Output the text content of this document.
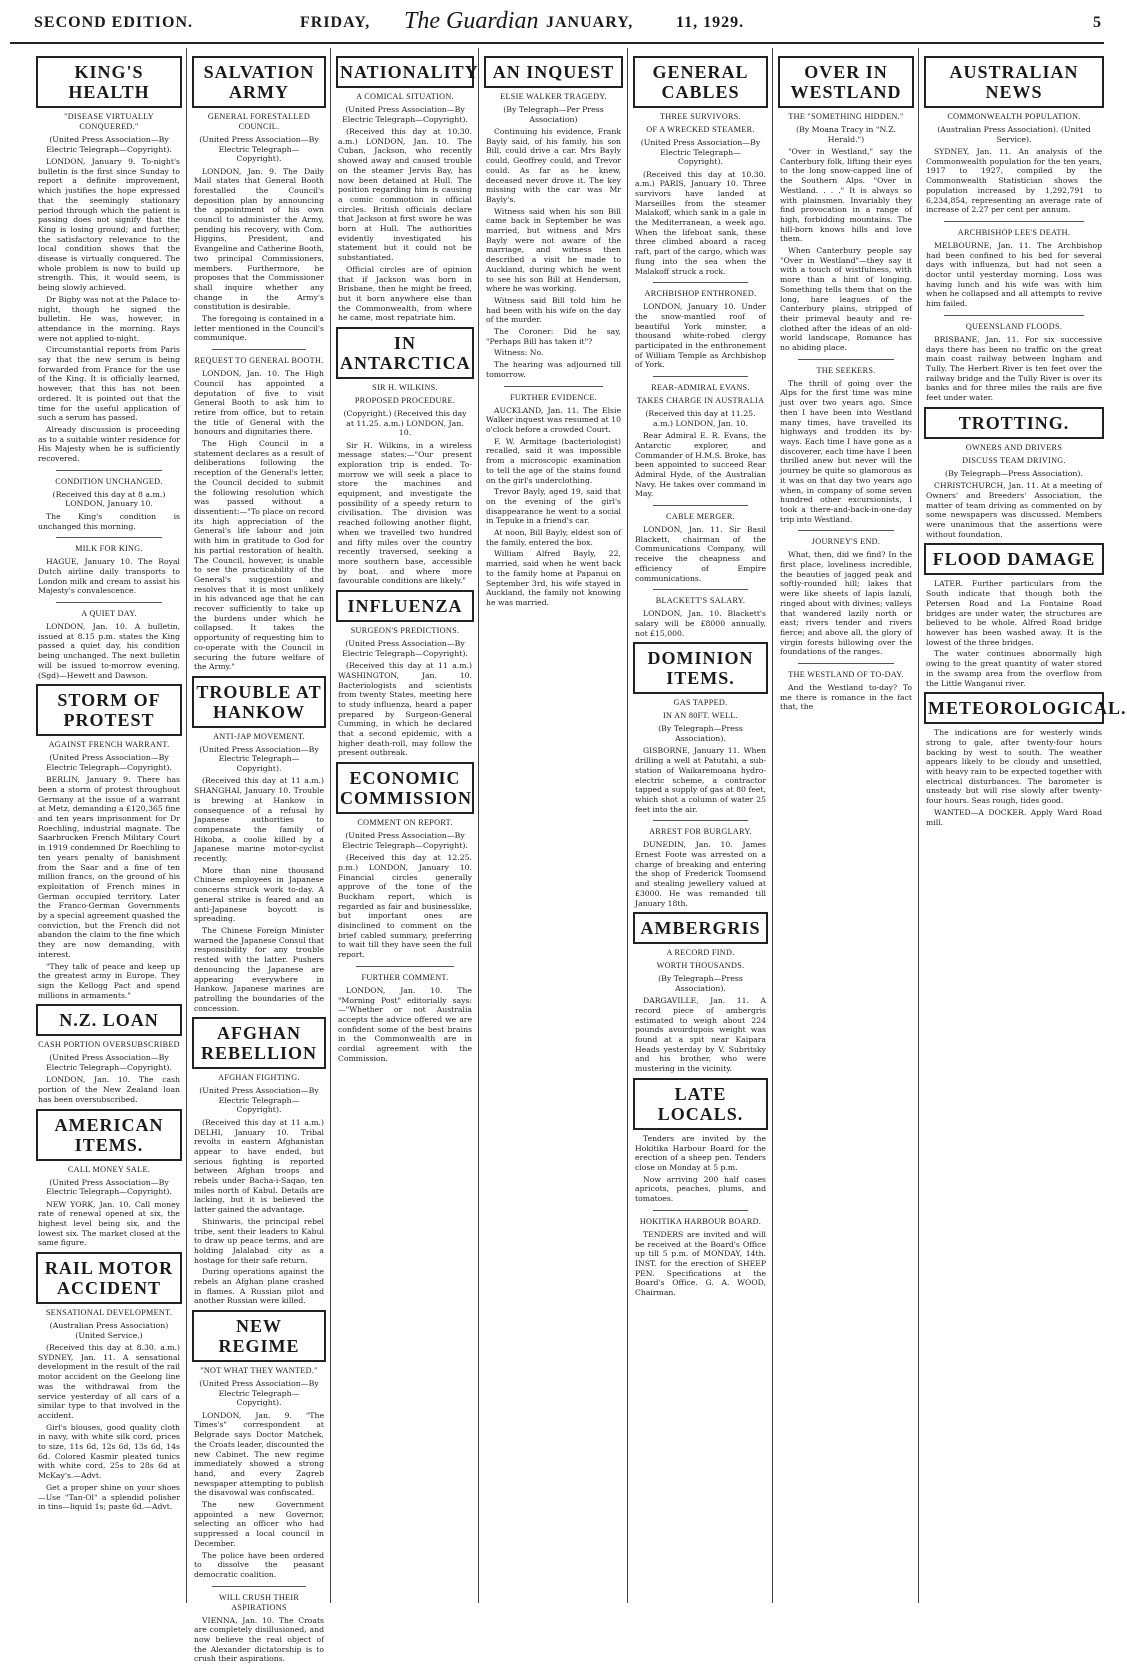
SECOND EDITION.	FRIDAY, The Guardian JANUARY,	11, 1929.	5
KING'S HEALTH
"DISEASE VIRTUALLY CONQUERED."
(United Press Association—By Electric Telegraph—Copyright).

LONDON, January 9. To-night's bulletin is the first since Sunday to report a definite improvement, which justifies the hope expressed that the seemingly stationary period through which the patient is passing does not signify that the King is losing ground; and further, the satisfactory relevance to the local condition shows that the disease is virtually conquered. The whole problem is now to build up strength. This, it would seem, is being slowly achieved.

Dr Bigby was not at the Palace to-night, though he signed the bulletin. He was, however, in attendance in the morning. Rays were not applied to-night.

Circumstantial reports from Paris say that the new serum is being forwarded from France for the use of the King. It is officially learned, however, that this has not been ordered. It is pointed out that the time for the useful application of such a serum has passed.

Already discussion is proceeding as to a suitable winter residence for His Majesty when he is sufficiently recovered.

CONDITION UNCHANGED.
(Received this day at 8 a.m.) LONDON, January 10.

The King's condition is unchanged this morning.

MILK FOR KING.

HAGUE, January 10. The Royal Dutch airline daily transports to London milk and cream to assist his Majesty's convalescence.

A QUIET DAY.

LONDON, Jan. 10. A bulletin, issued at 8.15 p.m. states the King passed a quiet day, his condition being unchanged. The next bulletin will be issued to-morrow evening. (Sgd)—Hewett and Dawson.

STORM OF PROTEST
AGAINST FRENCH WARRANT.
(United Press Association—By Electric Telegraph—Copyright).

BERLIN, January 9. There has been a storm of protest throughout Germany at the issue of a warrant at Metz, demanding a £120,365 fine and ten years imprisonment for Dr Roechling, industrial magnate. The Saarbrucken French Military Court in 1919 condemned Dr Roechling to ten years penalty of banishment from the Saar and a fine of ten million francs, on the ground of his exploitation of French mines in German occupied territory. Later the Franco-German Governments by a special agreement quashed the conviction, but the French did not abandon the claim to the fine which they are now demanding, with interest.

"They talk of peace and keep up the greatest army in Europe. They sign the Kellogg Pact and spend millions in armaments."

N.Z. LOAN
CASH PORTION OVERSUBSCRIBED
(United Press Association—By Electric Telegraph—Copyright).

LONDON, Jan. 10. The cash portion of the New Zealand loan has been oversubscribed.

AMERICAN ITEMS.
CALL MONEY SALE.
(United Press Association—By Electric Telegraph—Copyright).

NEW YORK, Jan. 10. Call money rate of renewal opened at six, the highest level being six, and the lowest six. The market closed at the same figure.

RAIL MOTOR ACCIDENT
SENSATIONAL DEVELOPMENT.
(Australian Press Association) (United Service.)

(Received this day at 8.30. a.m.) SYDNEY, Jan. 11. A sensational development in the result of the rail motor accident on the Geelong line was the withdrawal from the service yesterday of all cars of a similar type to that involved in the accident.

Girl's blouses, good quality cloth in navy, with white silk cord, prices to size, 11s 6d, 12s 6d, 13s 6d, 14s 6d. Colored Kasmir pleated tunics with white cord, 25s to 28s 6d at McKay's.—Advt.

Get a proper shine on your shoes—Use "Tan-Ol" a splendid polisher in tins—liquid 1s; paste 6d.—Advt.

SALVATION ARMY
GENERAL FORESTALLED COUNCIL.
(United Press Association—By Electric Telegraph—Copyright).

LONDON, Jan. 9. The Daily Mail states that General Booth forestalled the Council's deposition plan by announcing the appointment of his own council to administer the Army, pending his recovery, with Com. Higgins, President, and Evangeline and Catherine Booth, two principal Commissioners, members. Furthermore, he proposes that the Commissioner shall inquire whether any change in the Army's constitution is desirable.

The foregoing is contained in a letter mentioned in the Council's communique.

REQUEST TO GENERAL BOOTH.

LONDON, Jan. 10. The High Council has appointed a deputation of five to visit General Booth to ask him to retire from office, but to retain the title of General with the honours and dignitaries there.

The High Council in a statement declares as a result of deliberations following the reception of the General's letter, the Council decided to submit the following resolution which was passed without a dissentient:—"To place on record its high appreciation of the General's life labour and join with him in gratitude to God for his partial restoration of health. The Council, however, is unable to see the practicability of the General's suggestion and resolves that it is most unlikely in his advanced age that he can recover sufficiently to take up the burdens under which he collapsed. It takes the opportunity of requesting him to co-operate with the Council in securing the future welfare of the Army."

TROUBLE AT HANKOW
ANTI-JAP MOVEMENT.
(United Press Association—By Electric Telegraph—Copyright).

(Received this day at 11 a.m.) SHANGHAI, January 10. Trouble is brewing at Hankow in consequence of a refusal by Japanese authorities to compensate the family of Hikoba, a coolie killed by a Japanese marine motor-cyclist recently.

More than nine thousand Chinese employees in Japanese concerns struck work to-day. A general strike is feared and an anti-Japanese boycott is spreading.

The Chinese Foreign Minister warned the Japanese Consul that responsibility for any trouble rested with the latter. Pushers denouncing the Japanese are appearing everywhere in Hankow. Japanese marines are patrolling the boundaries of the concession.

AFGHAN REBELLION
AFGHAN FIGHTING.
(United Press Association—By Electric Telegraph—Copyright).

(Received this day at 11 a.m.) DELHI, January 10. Tribal revolts in eastern Afghanistan appear to have ended, but serious fighting is reported between Afghan troops and rebels under Bacha-i-Saqao, ten miles north of Kabul. Details are lacking, but it is believed the latter gained the advantage.

Shinwaris, the principal rebel tribe, sent their leaders to Kabul to draw up peace terms, and are holding Jalalabad city as a hostage for their safe return.

During operations against the rebels an Afghan plane crashed in flames. A Russian pilot and another Russian were killed.

NEW REGIME
"NOT WHAT THEY WANTED."
(United Press Association—By Electric Telegraph—Copyright).

LONDON, Jan. 9. "The Times's" correspondent at Belgrade says Doctor Matchek, the Croats leader, discounted the new Cabinet. The new regime immediately showed a strong hand, and every Zagreb newspaper attempting to publish the disavowal was confiscated.

The new Government appointed a new Governor, selecting an officer who had suppressed a local council in December.

The police have been ordered to dissolve the peasant democratic coalition.

WILL CRUSH THEIR ASPIRATIONS

VIENNA, Jan. 10. The Croats are completely disillusioned, and now believe the real object of the Alexander dictatorship is to crush their aspirations.

NATIONALITY
A COMICAL SITUATION.
(United Press Association—By Electric Telegraph—Copyright).

(Received this day at 10.30. a.m.) LONDON, Jan. 10. The Cuban, Jackson, who recently showed away and caused trouble on the steamer Jervis Bay, has now been detained at Hull. The position regarding him is causing a comic commotion in official circles. British officials declare that Jackson at first swore he was born at Hull. The authorities evidently investigated his statement but it could not be substantiated.

Official circles are of opinion that if Jackson was born in Brisbane, then he might be freed, but it born anywhere else than the Commonwealth, from where he came, most repatriate him.

IN ANTARCTICA
SIR H. WILKINS.
PROPOSED PROCEDURE.
(Copyright.) (Received this day at 11.25. a.m.) LONDON, Jan. 10.

Sir H. Wilkins, in a wireless message states:—"Our present exploration trip is ended. To-morrow we will seek a place to store the machines and equipment, and investigate the possibility of a speedy return to civilisation. The division was reached following another flight, when we travelled two hundred and fifty miles over the country recently traversed, seeking a more southern base, accessible by boat, and where more favourable conditions are likely."

INFLUENZA
SURGEON'S PREDICTIONS.
(United Press Association—By Electric Telegraph—Copyright).

(Received this day at 11 a.m.) WASHINGTON, Jan. 10. Bacteriologists and scientists from twenty States, meeting here to study influenza, heard a paper prepared by Surgeon-General Cumming, in which he declared that a second epidemic, with a higher death-roll, may follow the present outbreak.

ECONOMIC COMMISSION
COMMENT ON REPORT.
(United Press Association—By Electric Telegraph—Copyright).

(Received this day at 12.25. p.m.) LONDON, January 10. Financial circles generally approve of the tone of the Buckham report, which is regarded as fair and businesslike, but important ones are disinclined to comment on the brief cabled summary, preferring to wait till they have seen the full report.

FURTHER COMMENT.

LONDON, Jan. 10. The "Morning Post" editorially says:—"Whether or not Australia accepts the advice offered we are confident some of the best brains in the Commonwealth are in cordial agreement with the Commission.

AN INQUEST
ELSIE WALKER TRAGEDY.
(By Telegraph—Per Press Association)

Continuing his evidence, Frank Bayly said, of his family, his son Bill, could drive a car. Mrs Bayly could, Geoffrey could, and Trevor could. As far as he knew, deceased never drove it. The key missing with the car was Mr Bayly's.

Witness said when his son Bill came back in September he was married, but witness and Mrs Bayly were not aware of the marriage, and witness then described a visit he made to Auckland, during which he went to see his son Bill at Henderson, where he was working.

Witness said Bill told him he had been with his wife on the day of the murder.

The Coroner: Did he say, "Perhaps Bill has taken it"?

Witness: No.

The hearing was adjourned till tomorrow.

FURTHER EVIDENCE.

AUCKLAND, Jan. 11. The Elsie Walker inquest was resumed at 10 o'clock before a crowded Court.

F. W. Armitage (bacteriologist) recalled, said it was impossible from a microscopic examination to tell the age of the stains found on the girl's underclothing.

Trevor Bayly, aged 19, said that on the evening of the girl's disappearance he went to a social in Tepuke in a friend's car.

At noon, Bill Bayly, eldest son of the family, entered the box.

William Alfred Bayly, 22, married, said when he went back to the family home at Papanui on September 3rd, his wife stayed in Auckland, the family not knowing he was married.

GENERAL CABLES
THREE SURVIVORS.
OF A WRECKED STEAMER.
(United Press Association—By Electric Telegraph—Copyright).

(Received this day at 10.30. a.m.) PARIS, January 10. Three survivors have landed at Marseilles from the steamer Malakoff, which sank in a gale in the Mediterranean, a week ago. When the lifeboat sank, these three climbed aboard a raceg raft, part of the cargo, which was flung into the sea when the Malakoff struck a rock.

ARCHBISHOP ENTHRONED.

LONDON, January 10. Under the snow-mantled roof of beautiful York minster, a thousand white-robed clergy participated in the enthronement of William Temple as Archbishop of York.

REAR-ADMIRAL EVANS.
TAKES CHARGE IN AUSTRALIA
(Received this day at 11.25. a.m.) LONDON, Jan. 10.

Rear Admiral E. R. Evans, the Antarctic explorer, and Commander of H.M.S. Broke, has been appointed to succeed Rear Admiral Hyde, of the Australian Navy. He takes over command in May.

CABLE MERGER.

LONDON, Jan. 11. Sir Basil Blackett, chairman of the Communications Company, will receive the cheapness and efficiency of Empire communications.

BLACKETT'S SALARY.

LONDON, Jan. 10. Blackett's salary will be £8000 annually, not £15,000.

DOMINION ITEMS.
GAS TAPPED.
IN AN 80FT. WELL.
(By Telegraph—Press Association).

GISBORNE, January 11. When drilling a well at Patutahi, a sub-station of Waikaremoana hydro-electric scheme, a contractor tapped a supply of gas at 80 feet, which shot a column of water 25 feet into the air.

ARREST FOR BURGLARY.

DUNEDIN, Jan. 10. James Ernest Foote was arrested on a charge of breaking and entering the shop of Frederick Toomsend and stealing jewellery valued at £3000. He was remanded till January 18th.

AMBERGRIS
A RECORD FIND.
WORTH THOUSANDS.
(By Telegraph—Press Association).

DARGAVILLE, Jan. 11. A record piece of ambergris estimated to weigh about 224 pounds avoirdupois weight was found at a spit near Kaipara Heads yesterday by V. Subritsky and his brother, who were mustering in the vicinity.

LATE LOCALS.

Tenders are invited by the Hokitika Harbour Board for the erection of a sheep pen. Tenders close on Monday at 5 p.m.

Now arriving 200 half cases apricots, peaches, plums, and tomatoes.

HOKITIKA HARBOUR BOARD.

TENDERS are invited and will be received at the Board's Office up till 5 p.m. of MONDAY, 14th. INST. for the erection of SHEEP PEN. Specifications at the Board's Office. G. A. WOOD, Chairman.

OVER IN WESTLAND
THE "SOMETHING HIDDEN."
(By Moana Tracy in "N.Z. Herald.")

"Over in Westland," say the Canterbury folk, lifting their eyes to the long snow-capped line of the Southern Alps. "Over in Westland. . . ." It is always so with plainsmen. Invariably they find provocation in a range of high, forbidding mountains. The hill-born knows hills and love them.

When Canterbury people say "Over in Westland"—they say it with a touch of wistfulness, with more than a hint of longing. Something tells them that on the long, hare leagues of the Canterbury plains, stripped of their primeval beauty and re-clothed after the ideas of an old-world landscape, Romance has no abiding place.

THE SEEKERS.

The thrill of going over the Alps for the first time was mine just over two years ago. Since then I have been into Westland many times, have travelled its highways and trodden its by-ways. Each time I have gone as a discoverer, each time have I been thrilled anew but never will the journey be quite so glamorous as it was on that day two years ago when, in company of some seven hundred other excursionists, I took a there-and-back-in-one-day trip into Westland.

JOURNEY'S END.

What, then, did we find? In the first place, loveliness incredible, the beauties of jagged peak and softly-rounded hill; lakes that were like sheets of lapis lazuli, ringed about with divines; valleys that wandered lazily north or east; rivers tender and rivers fierce; and above all, the glory of virgin forests billowing over the foundations of the ranges.

THE WESTLAND OF TO-DAY.

And the Westland to-day? To me there is romance in the fact that, the

AUSTRALIAN NEWS
COMMONWEALTH POPULATION.
(Australian Press Association). (United Service).

SYDNEY, Jan. 11. An analysis of the Commonwealth population for the ten years, 1917 to 1927, compiled by the Commonwealth Statistician shows the population increased by 1,292,791 to 6,234,854, representing an average rate of increase of 2.27 per cent per annum.

ARCHBISHOP LEE'S DEATH.

MELBOURNE, Jan. 11. The Archbishop had been confined to his bed for several days with influenza, but had not seen a doctor until yesterday morning. Loss was having lunch and his wife was with him when he collapsed and all attempts to revive him failed.

QUEENSLAND FLOODS.

BRISBANE, Jan. 11. For six successive days there has been no traffic on the great main coast railway between Ingham and Tully. The Herbert River is ten feet over the railway bridge and the Tully River is over its banks and for three miles the rails are five feet under water.

TROTTING.
OWNERS AND DRIVERS
DISCUSS TEAM DRIVING.
(By Telegraph—Press Association).

CHRISTCHURCH, Jan. 11. At a meeting of Owners' and Breeders' Association, the matter of team driving as commented on by some newspapers was discussed. Members were unanimous that the assertions were without foundation.

FLOOD DAMAGE

LATER. Further particulars from the South indicate that though both the Petersen Road and La Fontaine Road bridges are under water, the structures are believed to be whole. Alfred Road bridge however has been washed away. It is the lowest of the three bridges.

The water continues abnormally high owing to the great quantity of water stored in the swamp area from the overflow from the Little Wanganui river.

METEOROLOGICAL.

The indications are for westerly winds strong to gale, after twenty-four hours backing by west to south. The weather appears likely to be cloudy and unsettled, with heavy rain to be expected together with electrical disturbances. The barometer is unsteady but will rise slowly after twenty-four hours. Seas rough, tides good.

WANTED—A DOCKER. Apply Ward Road mill.
